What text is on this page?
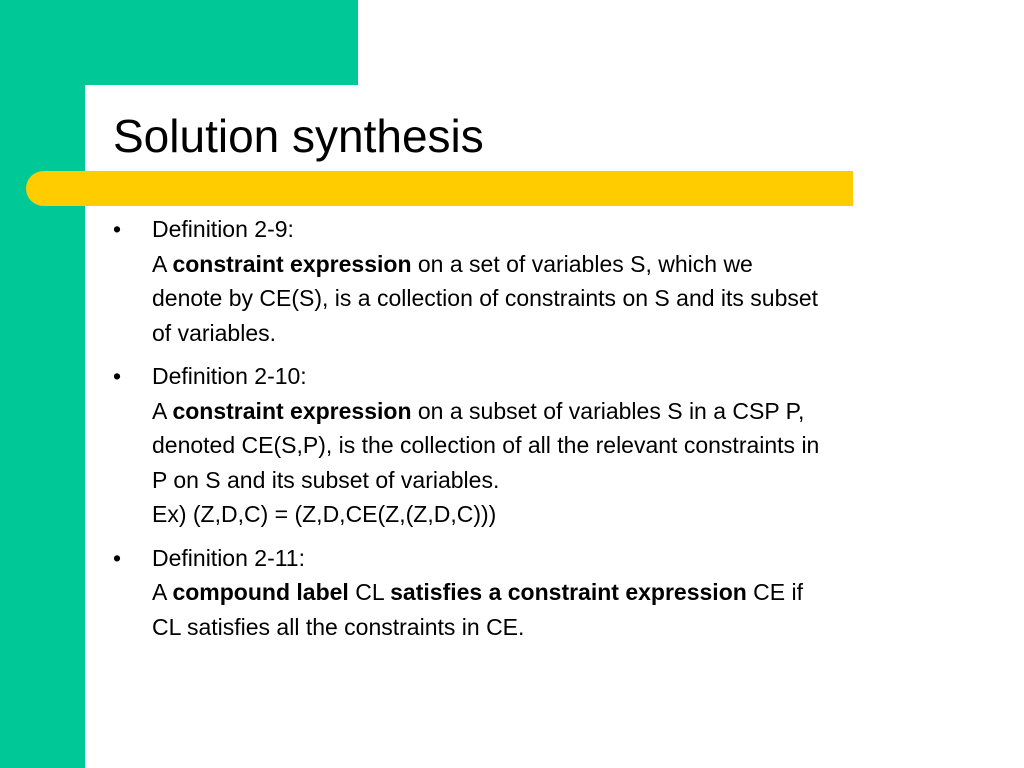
Solution synthesis
• Definition 2-9:
A constraint expression on a set of variables S, which we
denote by CE(S), is a collection of constraints on S and its subset
of variables.
• Definition 2-10:
A constraint expression on a subset of variables S in a CSP P,
denoted CE(S,P), is the collection of all the relevant constraints in
P on S and its subset of variables.
Ex) (Z,D,C) = (Z,D,CE(Z,(Z,D,C)))
• Definition 2-11:
A compound label CL satisfies a constraint expression CE if
CL satisfies all the constraints in CE.
